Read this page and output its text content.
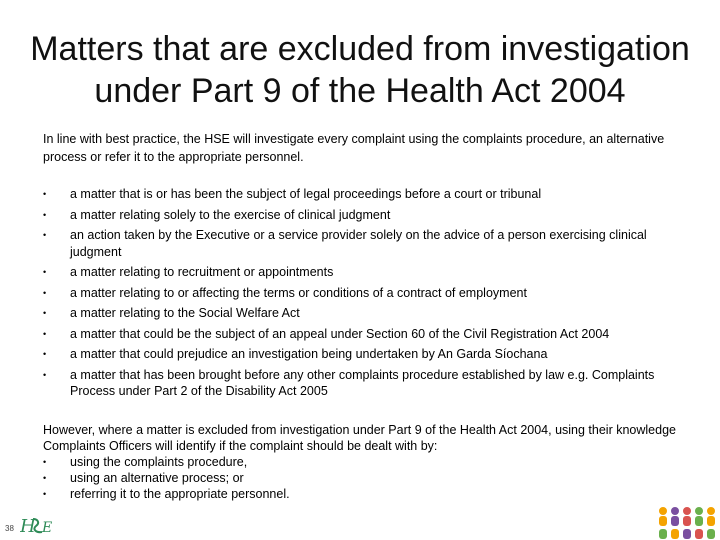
Matters that are excluded from investigation under Part 9 of the Health Act 2004
In line with best practice, the HSE will investigate every complaint using the complaints procedure, an alternative process or refer it to the appropriate personnel.
•	a matter that is or has been the subject of legal proceedings before a court or tribunal
•	a matter relating solely to the exercise of clinical judgment
•	an action taken by the Executive or a service provider solely on the advice of a person exercising clinical judgment
•	a matter relating to recruitment or appointments
•	a matter relating to or affecting the terms or conditions of a contract of employment
•	a matter relating to the Social Welfare Act
•	a matter that could be the subject of an appeal under Section 60 of the Civil Registration Act 2004
•	a matter that could prejudice an investigation being undertaken by An Garda Síochana
•	a matter that has been brought before any other complaints procedure established by law e.g. Complaints Process under Part 2 of the Disability Act 2005
However, where a matter is excluded from investigation under Part 9 of the Health Act 2004, using their knowledge Complaints Officers will identify if the complaint should be dealt with by:
•	using the complaints procedure,
•	using an alternative process; or
•	referring it to the appropriate personnel.
38 H E
